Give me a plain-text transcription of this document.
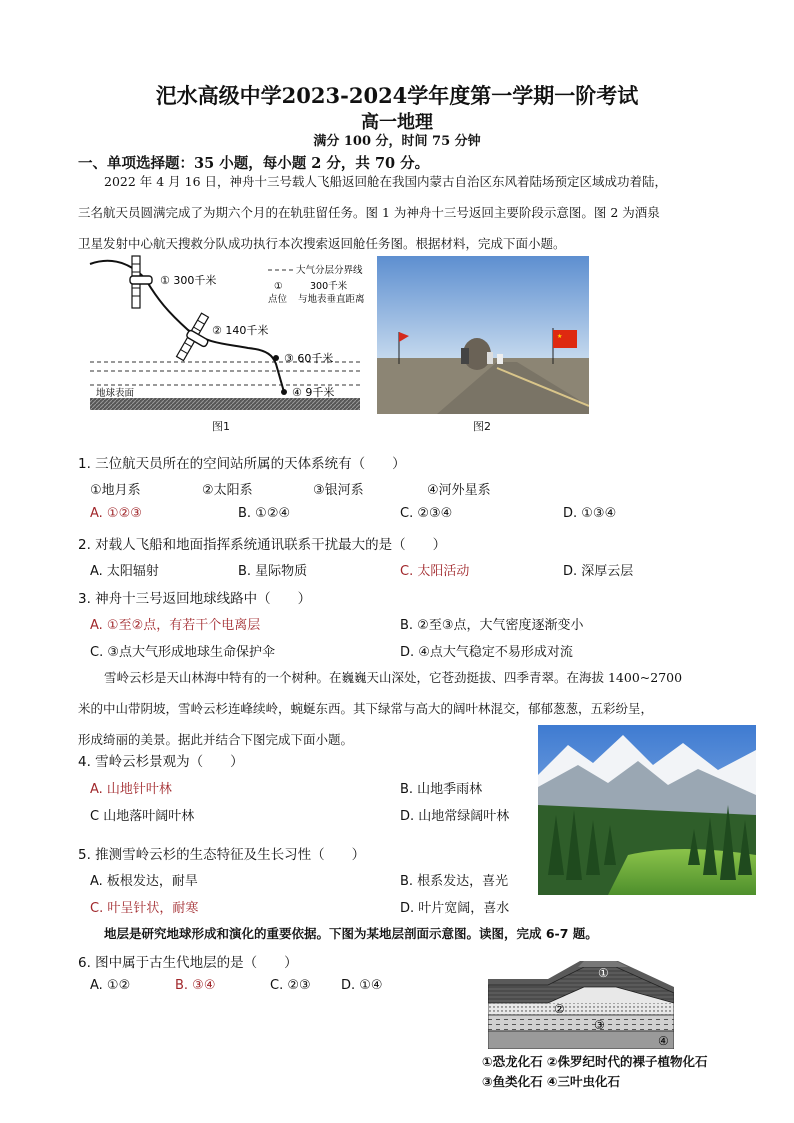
汜水高级中学2023-2024学年度第一学期一阶考试
高一地理
满分 100 分，时间 75 分钟
一、单项选择题：35 小题，每小题 2 分，共 70 分。
2022 年 4 月 16 日，神舟十三号载人飞船返回舱在我国内蒙古自治区东风着陆场预定区域成功着陆，
三名航天员圆满完成了为期六个月的在轨驻留任务。图 1 为神舟十三号返回主要阶段示意图。图 2 为酒泉
卫星发射中心航天搜救分队成功执行本次搜索返回舱任务图。根据材料，完成下面小题。
① 300千米
② 140千米
③ 60千米
④ 9千米
大气分层分界线
①	300千米
点位 与地表垂直距离
地球表面
图1
★
图2
1. 三位航天员所在的空间站所属的天体系统有（　　）
①地月系	②太阳系	③银河系	④河外星系
A. ①②③	B. ①②④	C. ②③④	D. ①③④
2. 对载人飞船和地面指挥系统通讯联系干扰最大的是（　　）
A. 太阳辐射	B. 星际物质	C. 太阳活动	D. 深厚云层
3. 神舟十三号返回地球线路中（　　）
A. ①至②点，有若干个电离层	B. ②至③点，大气密度逐渐变小
C. ③点大气形成地球生命保护伞	D. ④点大气稳定不易形成对流
雪岭云杉是天山林海中特有的一个树种。在巍巍天山深处，它苍劲挺拔、四季青翠。在海拔 1400~2700
米的中山带阴坡，雪岭云杉连峰续岭，蜿蜒东西。其下绿常与高大的阔叶林混交，郁郁葱葱，五彩纷呈，
形成绮丽的美景。据此并结合下图完成下面小题。
4. 雪岭云杉景观为（　　）
A. 山地针叶林	B. 山地季雨林
C 山地落叶阔叶林	D. 山地常绿阔叶林
5. 推测雪岭云杉的生态特征及生长习性（　　）
A. 板根发达，耐旱	B. 根系发达，喜光
C. 叶呈针状，耐寒	D. 叶片宽阔，喜水
地层是研究地球形成和演化的重要依据。下图为某地层剖面示意图。读图，完成 6-7 题。
6. 图中属于古生代地层的是（　　）
A. ①②	B. ③④	C. ②③ D. ①④
①
②
③
④
①恐龙化石 ②侏罗纪时代的裸子植物化石
③鱼类化石 ④三叶虫化石
